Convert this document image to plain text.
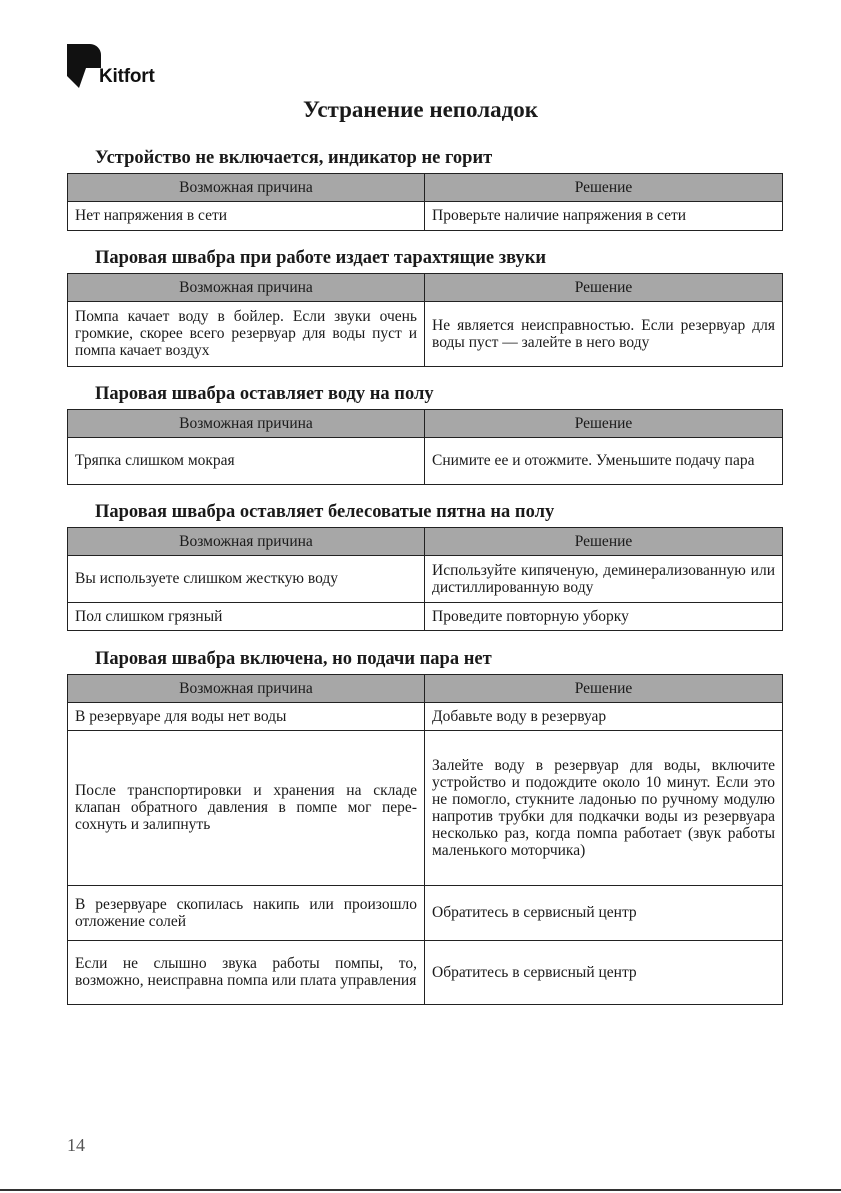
Kitfort
Устранение неполадок
Устройство не включается, индикатор не горит
Возможная причина	Решение
Нет напряжения в сети	Проверьте наличие напряжения в сети
Паровая швабра при работе издает тарахтящие звуки
Возможная причина	Решение
Помпа качает воду в бойлер. Если звуки очень громкие, скорее всего резервуар для воды пуст и помпа качает воздух	Не является неисправностью. Если резервуар для воды пуст — залейте в него воду
Паровая швабра оставляет воду на полу
Возможная причина	Решение
Тряпка слишком мокрая	Снимите ее и отожмите. Уменьшите подачу пара
Паровая швабра оставляет белесоватые пятна на полу
Возможная причина	Решение
Вы используете слишком жесткую воду	Используйте кипяченую, деминерализованную или дистиллированную воду
Пол слишком грязный	Проведите повторную уборку
Паровая швабра включена, но подачи пара нет
Возможная причина	Решение
В резервуаре для воды нет воды	Добавьте воду в резервуар
После транспортировки и хранения на складе клапан обратного давления в помпе мог пересохнуть и залипнуть	Залейте воду в резервуар для воды, включите устройство и подождите около 10 минут. Если это не помогло, стукните ладонью по ручному модулю напротив трубки для подкачки воды из резервуара несколько раз, когда помпа работает (звук работы маленького моторчика)
В резервуаре скопилась накипь или произошло отложение солей	Обратитесь в сервисный центр
Если не слышно звука работы помпы, то, возможно, неисправна помпа или плата управления	Обратитесь в сервисный центр
14
